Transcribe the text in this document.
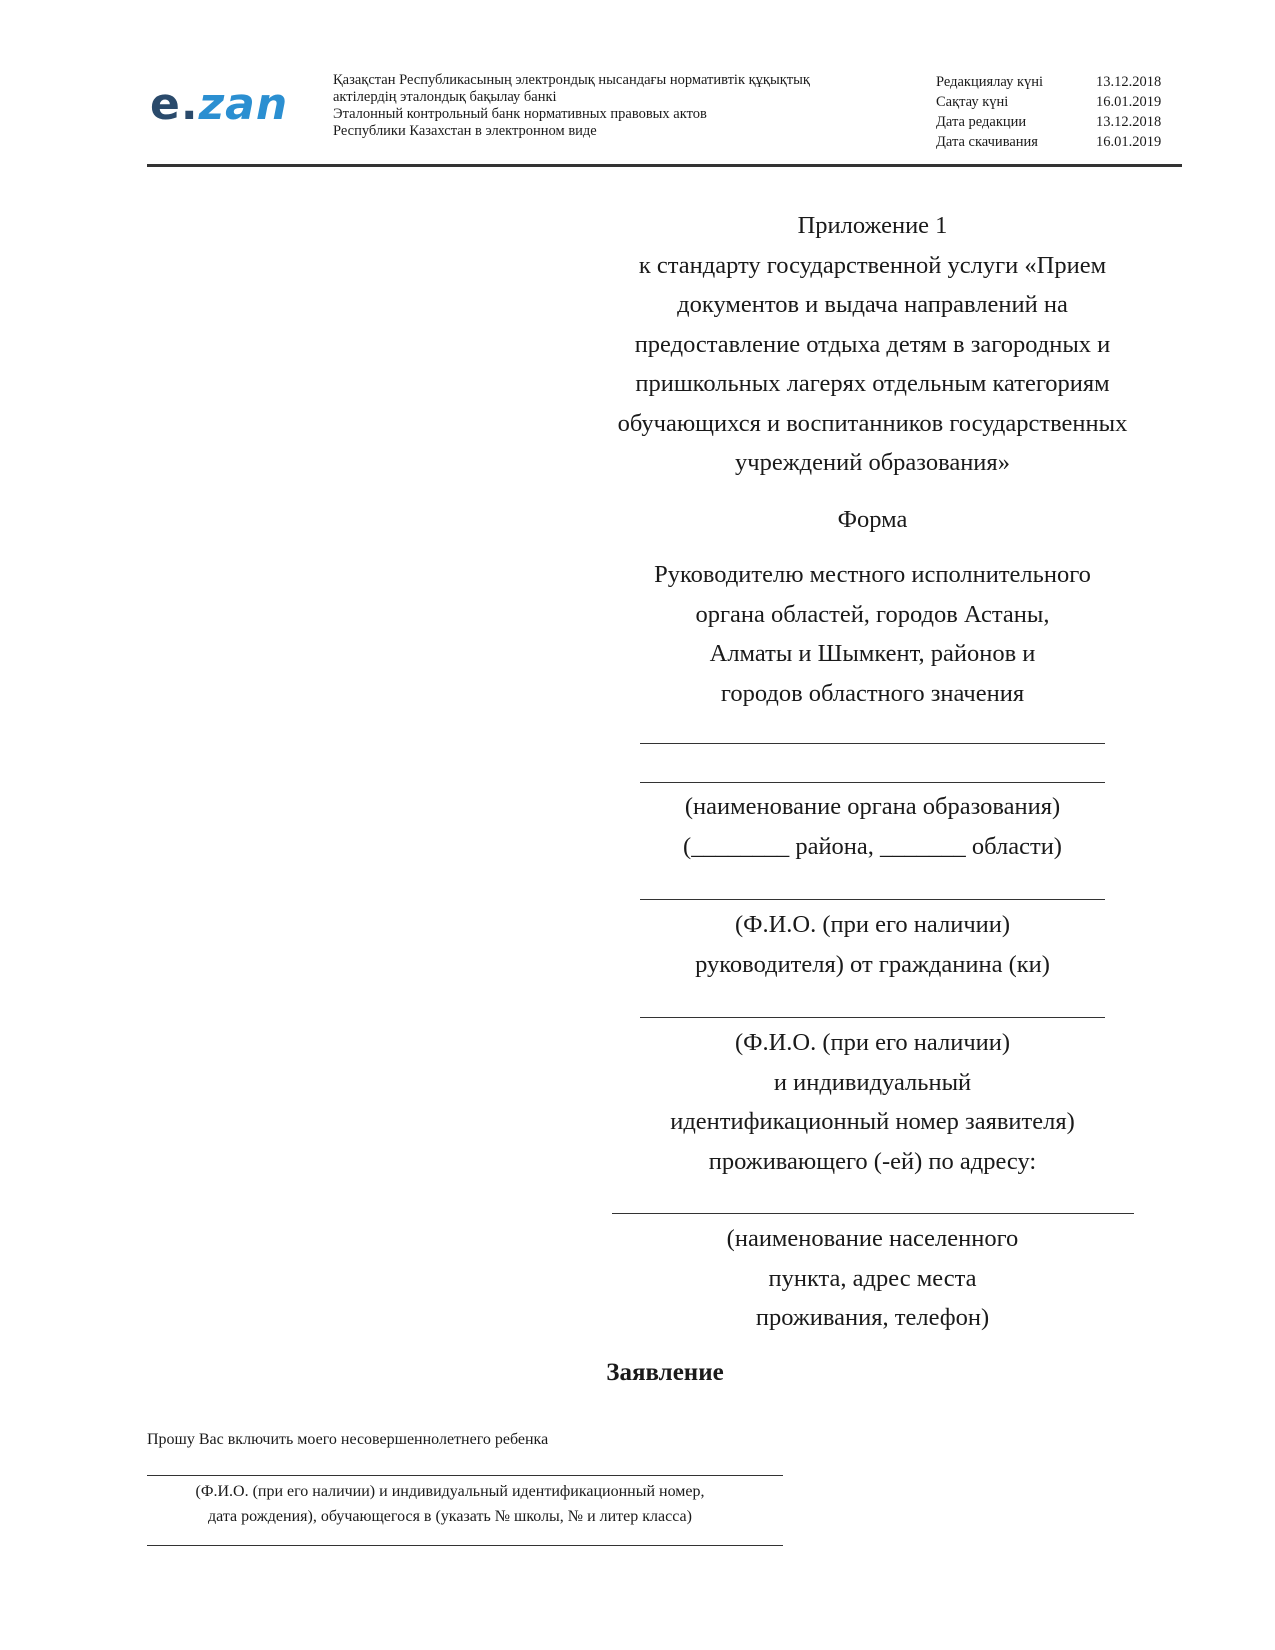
e.zan	Қазақстан Республикасының электрондық нысандағы нормативтік құқықтық
актілердің эталондық бақылау банкі
Эталонный контрольный банк нормативных правовых актов
Республики Казахстан в электронном виде
Редакциялау күні	13.12.2018
Сақтау күні	16.01.2019
Дата редакции	13.12.2018
Дата скачивания	16.01.2019
Приложение 1
к стандарту государственной услуги «Прием
документов и выдача направлений на
предоставление отдыха детям в загородных и
пришкольных лагерях отдельным категориям
обучающихся и воспитанников государственных
учреждений образования»
Форма
Руководителю местного исполнительного
органа областей, городов Астаны,
Алматы и Шымкент, районов и
городов областного значения
(наименование органа образования)
(________ района, _______ области)
(Ф.И.О. (при его наличии)
руководителя) от гражданина (ки)
(Ф.И.О. (при его наличии)
и индивидуальный
идентификационный номер заявителя)
проживающего (-ей) по адресу:
(наименование населенного
пункта, адрес места
проживания, телефон)
Заявление
Прошу Вас включить моего несовершеннолетнего ребенка
(Ф.И.О. (при его наличии) и индивидуальный идентификационный номер,
дата рождения), обучающегося в (указать № школы, № и литер класса)
